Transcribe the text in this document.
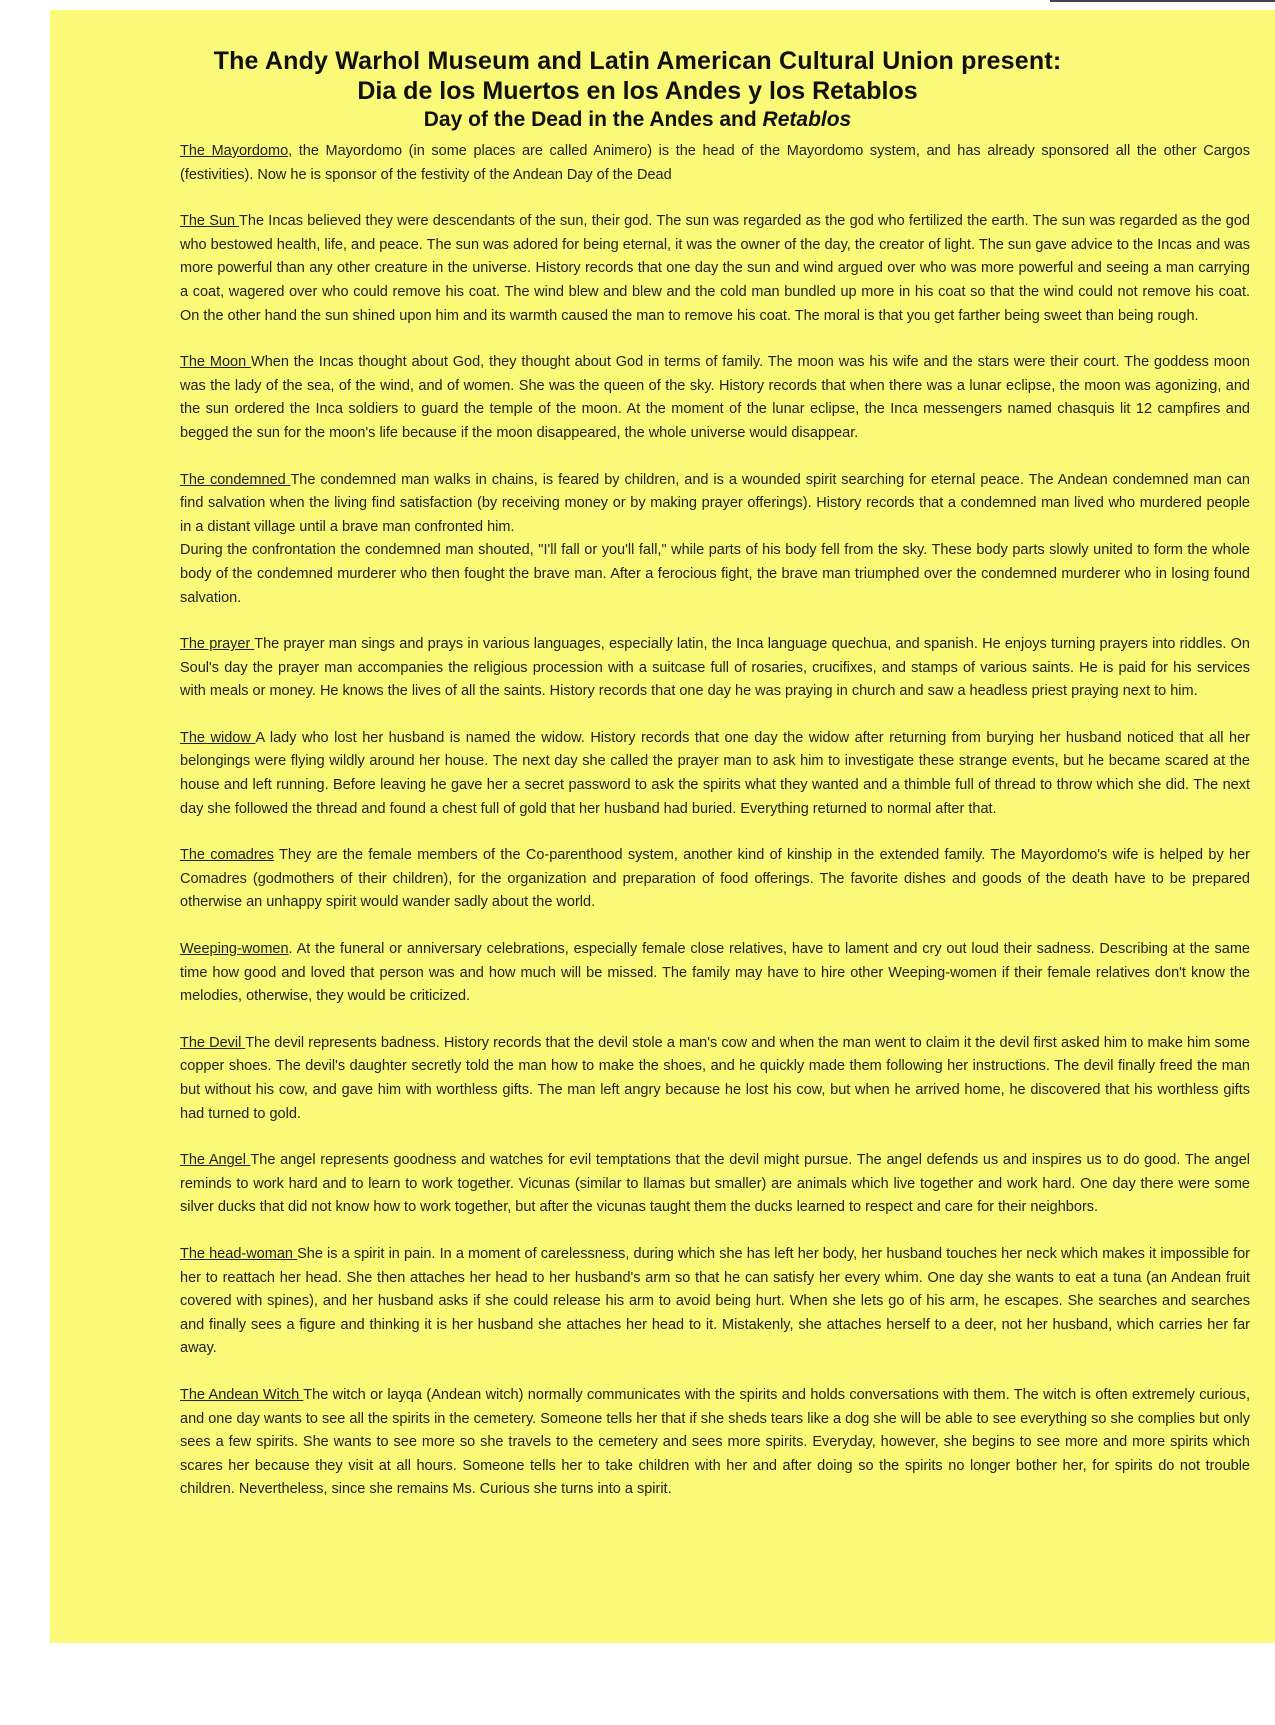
The Andy Warhol Museum and Latin American Cultural Union present:
Dia de los Muertos en los Andes y los Retablos
Day of the Dead in the Andes and Retablos

The Mayordomo, the Mayordomo (in some places are called Animero) is the head of the Mayordomo system, and has already sponsored all the other Cargos (festivities). Now he is sponsor of the festivity of the Andean Day of the Dead

The Sun The Incas believed they were descendants of the sun, their god. The sun was regarded as the god who fertilized the earth. The sun was regarded as the god who bestowed health, life, and peace. The sun was adored for being eternal, it was the owner of the day, the creator of light. The sun gave advice to the Incas and was more powerful than any other creature in the universe. History records that one day the sun and wind argued over who was more powerful and seeing a man carrying a coat, wagered over who could remove his coat. The wind blew and blew and the cold man bundled up more in his coat so that the wind could not remove his coat. On the other hand the sun shined upon him and its warmth caused the man to remove his coat. The moral is that you get farther being sweet than being rough.

The Moon When the Incas thought about God, they thought about God in terms of family. The moon was his wife and the stars were their court. The goddess moon was the lady of the sea, of the wind, and of women. She was the queen of the sky. History records that when there was a lunar eclipse, the moon was agonizing, and the sun ordered the Inca soldiers to guard the temple of the moon. At the moment of the lunar eclipse, the Inca messengers named chasquis lit 12 campfires and begged the sun for the moon's life because if the moon disappeared, the whole universe would disappear.

The condemned The condemned man walks in chains, is feared by children, and is a wounded spirit searching for eternal peace. The Andean condemned man can find salvation when the living find satisfaction (by receiving money or by making prayer offerings). History records that a condemned man lived who murdered people in a distant village until a brave man confronted him.
During the confrontation the condemned man shouted, "I'll fall or you'll fall," while parts of his body fell from the sky. These body parts slowly united to form the whole body of the condemned murderer who then fought the brave man. After a ferocious fight, the brave man triumphed over the condemned murderer who in losing found salvation.

The prayer The prayer man sings and prays in various languages, especially latin, the Inca language quechua, and spanish. He enjoys turning prayers into riddles. On Soul's day the prayer man accompanies the religious procession with a suitcase full of rosaries, crucifixes, and stamps of various saints. He is paid for his services with meals or money. He knows the lives of all the saints. History records that one day he was praying in church and saw a headless priest praying next to him.

The widow A lady who lost her husband is named the widow. History records that one day the widow after returning from burying her husband noticed that all her belongings were flying wildly around her house. The next day she called the prayer man to ask him to investigate these strange events, but he became scared at the house and left running. Before leaving he gave her a secret password to ask the spirits what they wanted and a thimble full of thread to throw which she did. The next day she followed the thread and found a chest full of gold that her husband had buried. Everything returned to normal after that.

The comadres They are the female members of the Co-parenthood system, another kind of kinship in the extended family. The Mayordomo's wife is helped by her Comadres (godmothers of their children), for the organization and preparation of food offerings. The favorite dishes and goods of the death have to be prepared otherwise an unhappy spirit would wander sadly about the world.

Weeping-women. At the funeral or anniversary celebrations, especially female close relatives, have to lament and cry out loud their sadness. Describing at the same time how good and loved that person was and how much will be missed. The family may have to hire other Weeping-women if their female relatives don't know the melodies, otherwise, they would be criticized.

The Devil The devil represents badness. History records that the devil stole a man's cow and when the man went to claim it the devil first asked him to make him some copper shoes. The devil's daughter secretly told the man how to make the shoes, and he quickly made them following her instructions. The devil finally freed the man but without his cow, and gave him with worthless gifts. The man left angry because he lost his cow, but when he arrived home, he discovered that his worthless gifts had turned to gold.

The Angel The angel represents goodness and watches for evil temptations that the devil might pursue. The angel defends us and inspires us to do good. The angel reminds to work hard and to learn to work together. Vicunas (similar to llamas but smaller) are animals which live together and work hard. One day there were some silver ducks that did not know how to work together, but after the vicunas taught them the ducks learned to respect and care for their neighbors.

The head-woman She is a spirit in pain. In a moment of carelessness, during which she has left her body, her husband touches her neck which makes it impossible for her to reattach her head. She then attaches her head to her husband's arm so that he can satisfy her every whim. One day she wants to eat a tuna (an Andean fruit covered with spines), and her husband asks if she could release his arm to avoid being hurt. When she lets go of his arm, he escapes. She searches and searches and finally sees a figure and thinking it is her husband she attaches her head to it. Mistakenly, she attaches herself to a deer, not her husband, which carries her far away.

The Andean Witch The witch or layqa (Andean witch) normally communicates with the spirits and holds conversations with them. The witch is often extremely curious, and one day wants to see all the spirits in the cemetery. Someone tells her that if she sheds tears like a dog she will be able to see everything so she complies but only sees a few spirits. She wants to see more so she travels to the cemetery and sees more spirits. Everyday, however, she begins to see more and more spirits which scares her because they visit at all hours. Someone tells her to take children with her and after doing so the spirits no longer bother her, for spirits do not trouble children. Nevertheless, since she remains Ms. Curious she turns into a spirit.
